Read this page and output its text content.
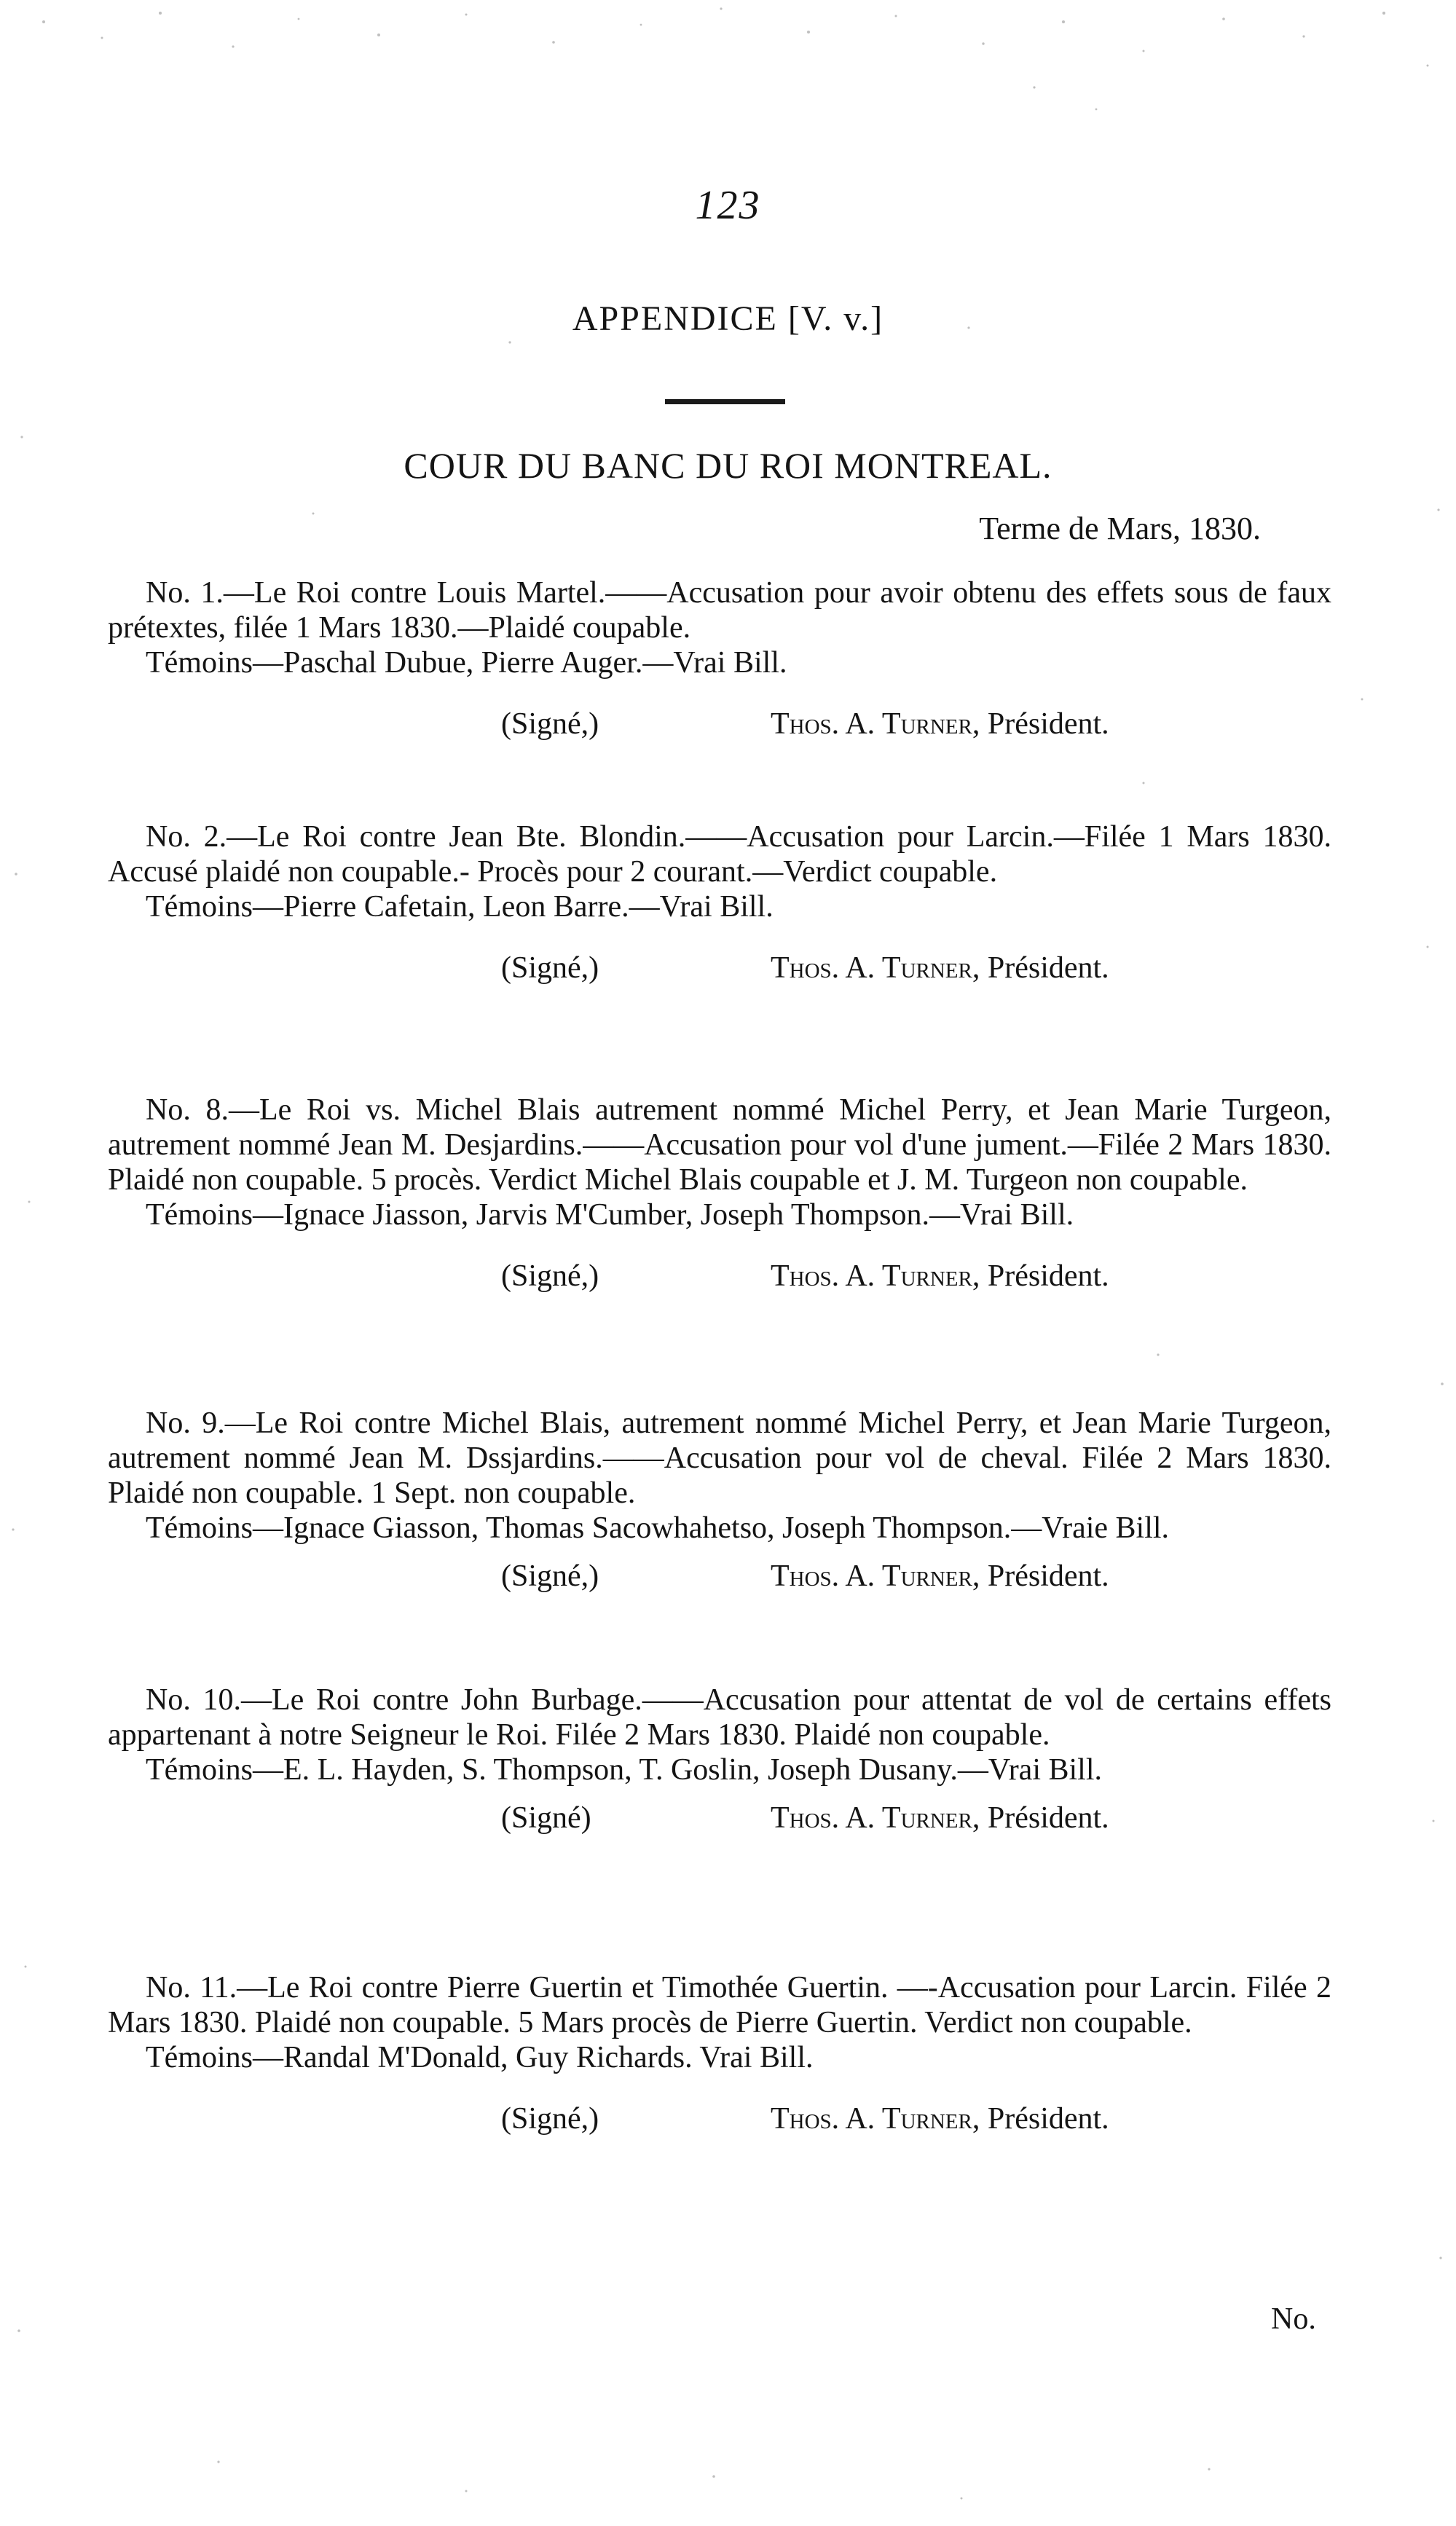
123
APPENDICE [V. v.]
COUR DU BANC DU ROI MONTREAL.
Terme de Mars, 1830.

No. 1.—Le Roi contre Louis Martel.——Accusation pour avoir obtenu des effets sous de faux prétextes, filée 1 Mars 1830.—Plaidé coupable.

Témoins—Paschal Dubue, Pierre Auger.—Vrai Bill.

(Signé,)	Thos. A. Turner, Président.

No. 2.—Le Roi contre Jean Bte. Blondin.——Accusation pour Larcin.—Filée 1 Mars 1830. Accusé plaidé non coupable.- Procès pour 2 courant.—Verdict coupable.

Témoins—Pierre Cafetain, Leon Barre.—Vrai Bill.

(Signé,)	Thos. A. Turner, Président.

No. 8.—Le Roi vs. Michel Blais autrement nommé Michel Perry, et Jean Marie Turgeon, autrement nommé Jean M. Desjardins.——Accusation pour vol d'une jument.—Filée 2 Mars 1830. Plaidé non coupable. 5 procès. Verdict Michel Blais coupable et J. M. Turgeon non coupable.

Témoins—Ignace Jiasson, Jarvis M'Cumber, Joseph Thompson.—Vrai Bill.

(Signé,)	Thos. A. Turner, Président.

No. 9.—Le Roi contre Michel Blais, autrement nommé Michel Perry, et Jean Marie Turgeon, autrement nommé Jean M. Dssjardins.——Accusation pour vol de cheval. Filée 2 Mars 1830. Plaidé non coupable. 1 Sept. non coupable.

Témoins—Ignace Giasson, Thomas Sacowhahetso, Joseph Thompson.—Vraie Bill.

(Signé,)	Thos. A. Turner, Président.

No. 10.—Le Roi contre John Burbage.——Accusation pour attentat de vol de certains effets appartenant à notre Seigneur le Roi. Filée 2 Mars 1830. Plaidé non coupable.

Témoins—E. L. Hayden, S. Thompson, T. Goslin, Joseph Dusany.—Vrai Bill.

(Signé)	Thos. A. Turner, Président.

No. 11.—Le Roi contre Pierre Guertin et Timothée Guertin. —-Accusation pour Larcin. Filée 2 Mars 1830. Plaidé non coupable. 5 Mars procès de Pierre Guertin. Verdict non coupable.

Témoins—Randal M'Donald, Guy Richards. Vrai Bill.

(Signé,)	Thos. A. Turner, Président.
No.
